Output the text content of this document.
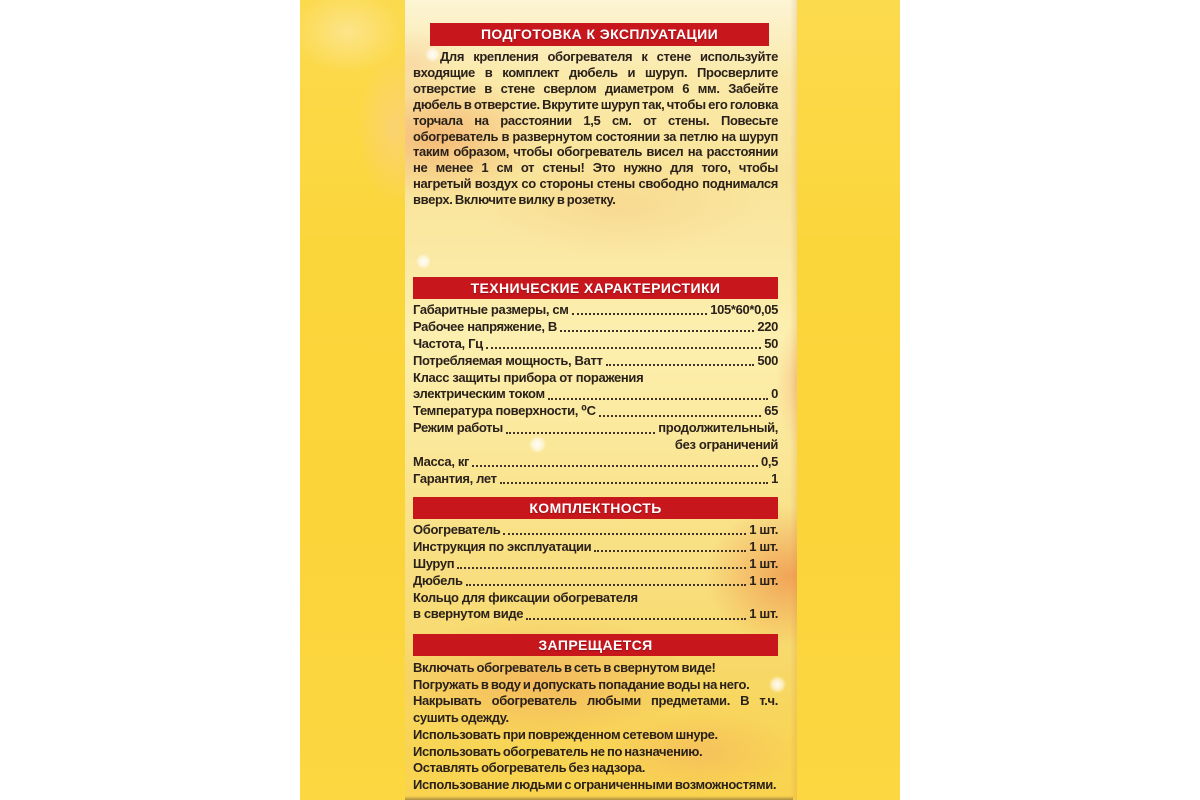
ПОДГОТОВКА К ЭКСПЛУАТАЦИИ

Для крепления обогревателя к стене используйте входящие в комплект дюбель и шуруп. Просверлите отверстие в стене сверлом диаметром 6 мм. Забейте дюбель в отверстие. Вкрутите шуруп так, чтобы его головка торчала на расстоянии 1,5 см. от стены. Повесьте обогреватель в развернутом состоянии за петлю на шуруп таким образом, чтобы обогреватель висел на расстоянии не менее 1 см от стены! Это нужно для того, чтобы нагретый воздух со стороны стены свободно поднимался вверх. Включите вилку в розетку.

ТЕХНИЧЕСКИЕ ХАРАКТЕРИСТИКИ
Габаритные размеры, см	105*60*0,05
Рабочее напряжение, В	220
Частота, Гц	50
Потребляемая мощность, Ватт	500
Класс защиты прибора от поражения
электрическим током	0
Температура поверхности, ⁰С	65
Режим работы	продолжительный,
без ограничений
Масса, кг	0,5
Гарантия, лет	1
КОМПЛЕКТНОСТЬ
Обогреватель	1 шт.
Инструкция по эксплуатации	1 шт.
Шуруп	1 шт.
Дюбель	1 шт.
Кольцо для фиксации обогревателя
в свернутом виде	1 шт.
ЗАПРЕЩАЕТСЯ
Включать обогреватель в сеть в свернутом виде!
Погружать в воду и допускать попадание воды на него.
Накрывать обогреватель любыми предметами. В т.ч. сушить одежду.
Использовать при поврежденном сетевом шнуре.
Использовать обогреватель не по назначению.
Оставлять обогреватель без надзора.
Использование людьми с ограниченными возможностями.
